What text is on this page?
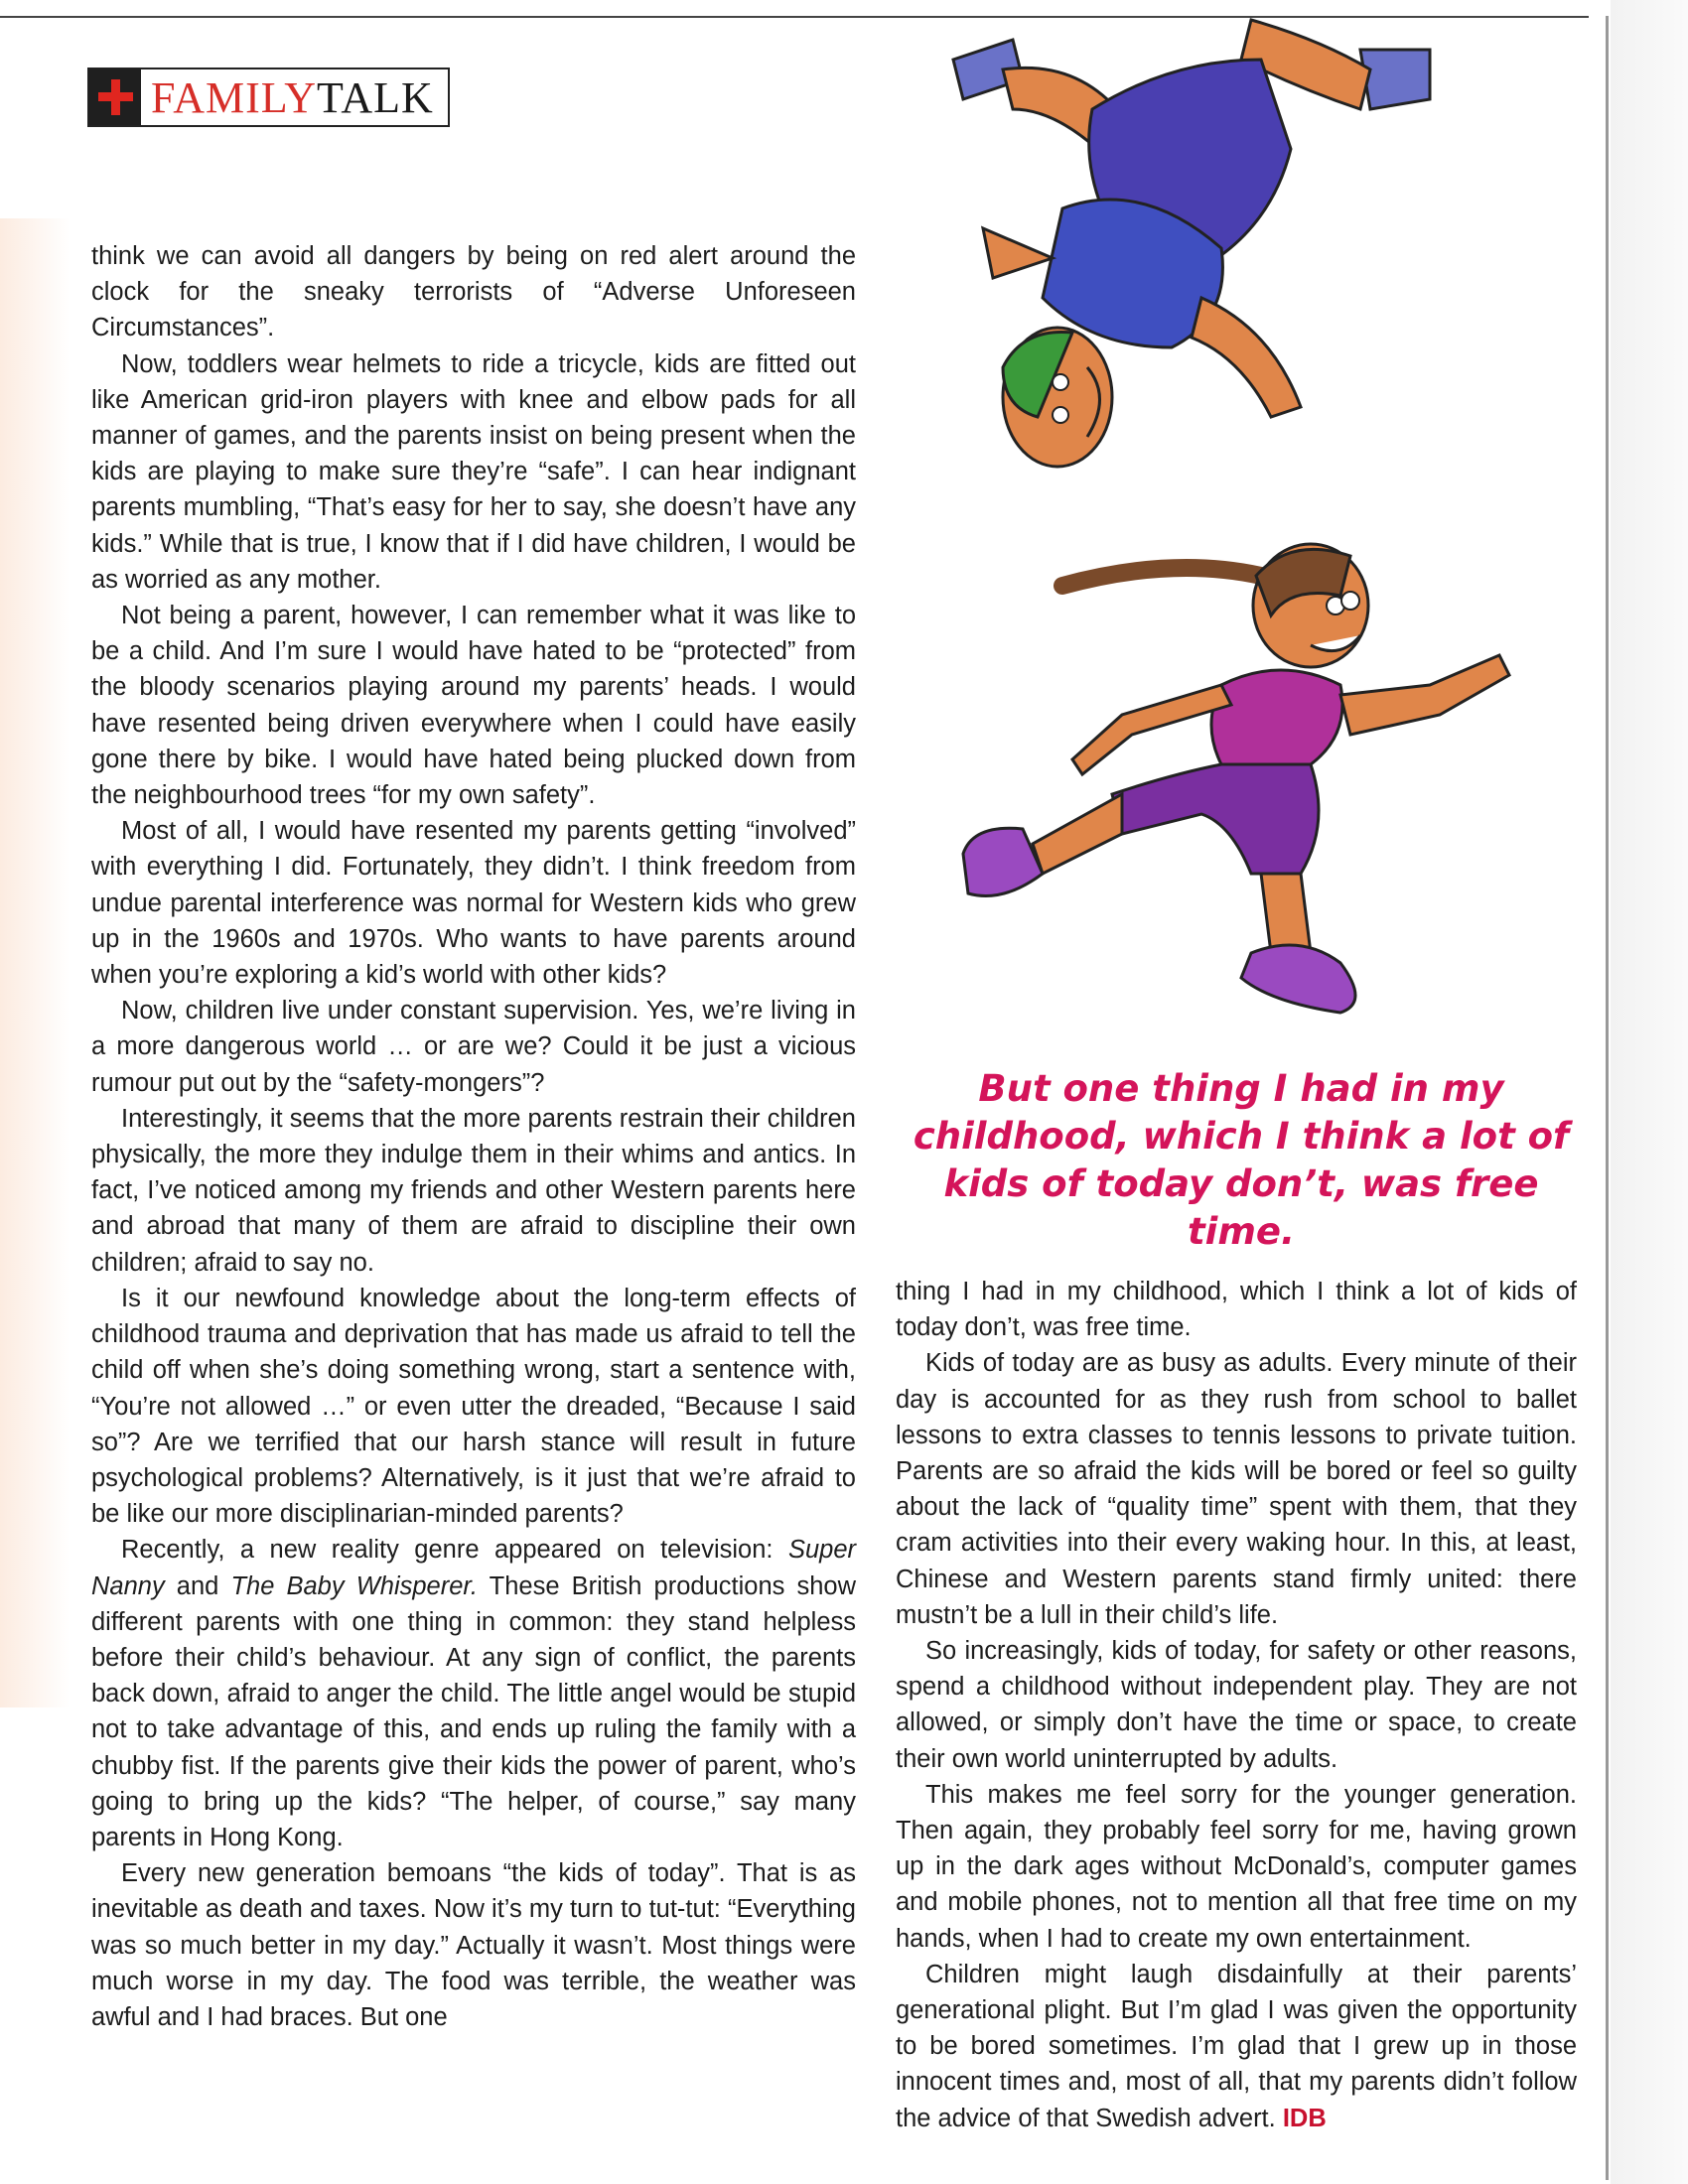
FAMILY TALK

think we can avoid all dangers by being on red alert around the clock for the sneaky terrorists of “Adverse Unforeseen Circumstances”.

Now, toddlers wear helmets to ride a tricycle, kids are fitted out like American grid-iron players with knee and elbow pads for all manner of games, and the parents insist on being present when the kids are playing to make sure they’re “safe”. I can hear indignant parents mumbling, “That’s easy for her to say, she doesn’t have any kids.” While that is true, I know that if I did have children, I would be as worried as any mother.

Not being a parent, however, I can remember what it was like to be a child. And I’m sure I would have hated to be “protected” from the bloody scenarios playing around my parents’ heads. I would have resented being driven everywhere when I could have easily gone there by bike. I would have hated being plucked down from the neighbourhood trees “for my own safety”.

Most of all, I would have resented my parents getting “involved” with everything I did. Fortunately, they didn’t. I think freedom from undue parental interference was normal for Western kids who grew up in the 1960s and 1970s. Who wants to have parents around when you’re exploring a kid’s world with other kids?

Now, children live under constant supervision. Yes, we’re living in a more dangerous world … or are we? Could it be just a vicious rumour put out by the “safety-mongers”?

Interestingly, it seems that the more parents restrain their children physically, the more they indulge them in their whims and antics. In fact, I’ve noticed among my friends and other Western parents here and abroad that many of them are afraid to discipline their own children; afraid to say no.

Is it our newfound knowledge about the long-term effects of childhood trauma and deprivation that has made us afraid to tell the child off when she’s doing something wrong, start a sentence with, “You’re not allowed …” or even utter the dreaded, “Because I said so”? Are we terrified that our harsh stance will result in future psychological problems? Alternatively, is it just that we’re afraid to be like our more disciplinarian-minded parents?

Recently, a new reality genre appeared on television: Super Nanny and The Baby Whisperer. These British productions show different parents with one thing in common: they stand helpless before their child’s behaviour. At any sign of conflict, the parents back down, afraid to anger the child. The little angel would be stupid not to take advantage of this, and ends up ruling the family with a chubby fist. If the parents give their kids the power of parent, who’s going to bring up the kids? “The helper, of course,” say many parents in Hong Kong.

Every new generation bemoans “the kids of today”. That is as inevitable as death and taxes. Now it’s my turn to tut-tut: “Everything was so much better in my day.” Actually it wasn’t. Most things were much worse in my day. The food was terrible, the weather was awful and I had braces. But one

But one thing I had in my childhood, which I think a lot of kids of today don’t, was free time.

thing I had in my childhood, which I think a lot of kids of today don’t, was free time.

Kids of today are as busy as adults. Every minute of their day is accounted for as they rush from school to ballet lessons to extra classes to tennis lessons to private tuition. Parents are so afraid the kids will be bored or feel so guilty about the lack of “quality time” spent with them, that they cram activities into their every waking hour. In this, at least, Chinese and Western parents stand firmly united: there mustn’t be a lull in their child’s life.

So increasingly, kids of today, for safety or other reasons, spend a childhood without independent play. They are not allowed, or simply don’t have the time or space, to create their own world uninterrupted by adults.

This makes me feel sorry for the younger generation. Then again, they probably feel sorry for me, having grown up in the dark ages without McDonald’s, computer games and mobile phones, not to mention all that free time on my hands, when I had to create my own entertainment.

Children might laugh disdainfully at their parents’ generational plight. But I’m glad I was given the opportunity to be bored sometimes. I’m glad that I grew up in those innocent times and, most of all, that my parents didn’t follow the advice of that Swedish advert. IDB
